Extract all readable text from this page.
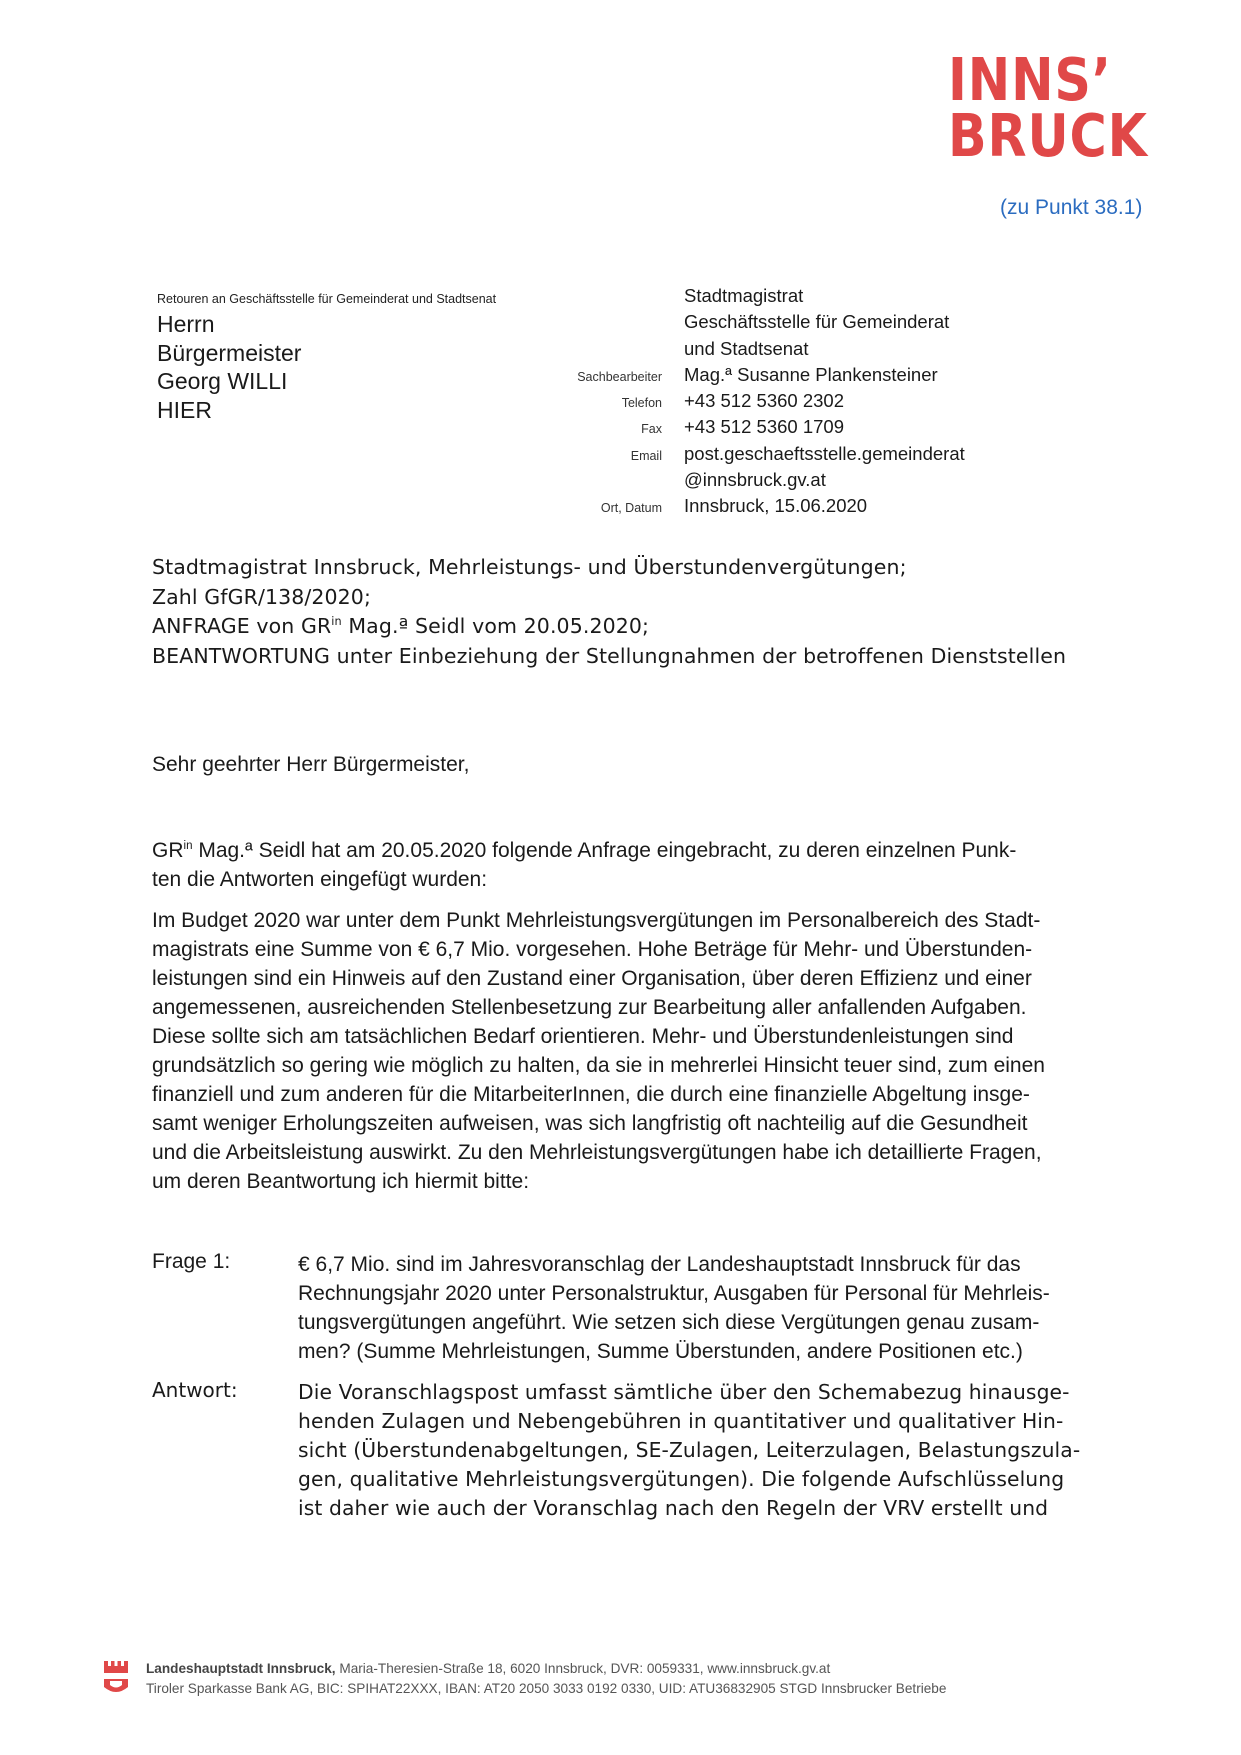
INNS’
BRUCK
(zu Punkt 38.1)
Retouren an Geschäftsstelle für Gemeinderat und Stadtsenat
Herrn
Bürgermeister
Georg WILLI
HIER
Stadtmagistrat
Geschäftsstelle für Gemeinderat
und Stadtsenat
Sachbearbeiter	Mag.ª Susanne Plankensteiner
Telefon	+43 512 5360 2302
Fax	+43 512 5360 1709
Email	post.geschaeftsstelle.gemeinderat
@innsbruck.gv.at
Ort, Datum	Innsbruck, 15.06.2020
Stadtmagistrat Innsbruck, Mehrleistungs- und Überstundenvergütungen;
Zahl GfGR/138/2020;
ANFRAGE von $GR^{in}$ Mag.ª Seidl vom 20.05.2020;
BEANTWORTUNG unter Einbeziehung der Stellungnahmen der betroffenen Dienststellen
Sehr geehrter Herr Bürgermeister,
$GR^{in}$ Mag.ª Seidl hat am 20.05.2020 folgende Anfrage eingebracht, zu deren einzelnen Punk-
ten die Antworten eingefügt wurden:
Im Budget 2020 war unter dem Punkt Mehrleistungsvergütungen im Personalbereich des Stadt-
magistrats eine Summe von € 6,7 Mio. vorgesehen. Hohe Beträge für Mehr- und Überstunden-
leistungen sind ein Hinweis auf den Zustand einer Organisation, über deren Effizienz und einer
angemessenen, ausreichenden Stellenbesetzung zur Bearbeitung aller anfallenden Aufgaben.
Diese sollte sich am tatsächlichen Bedarf orientieren. Mehr- und Überstundenleistungen sind
grundsätzlich so gering wie möglich zu halten, da sie in mehrerlei Hinsicht teuer sind, zum einen
finanziell und zum anderen für die MitarbeiterInnen, die durch eine finanzielle Abgeltung insge-
samt weniger Erholungszeiten aufweisen, was sich langfristig oft nachteilig auf die Gesundheit
und die Arbeitsleistung auswirkt. Zu den Mehrleistungsvergütungen habe ich detaillierte Fragen,
um deren Beantwortung ich hiermit bitte:
Frage 1:	€ 6,7 Mio. sind im Jahresvoranschlag der Landeshauptstadt Innsbruck für das
Rechnungsjahr 2020 unter Personalstruktur, Ausgaben für Personal für Mehrleis-
tungsvergütungen angeführt. Wie setzen sich diese Vergütungen genau zusam-
men? (Summe Mehrleistungen, Summe Überstunden, andere Positionen etc.)
Antwort:	Die Voranschlagspost umfasst sämtliche über den Schemabezug hinausge-
henden Zulagen und Nebengebühren in quantitativer und qualitativer Hin-
sicht (Überstundenabgeltungen, SE-Zulagen, Leiterzulagen, Belastungszula-
gen, qualitative Mehrleistungsvergütungen). Die folgende Aufschlüsselung
ist daher wie auch der Voranschlag nach den Regeln der VRV erstellt und
Landeshauptstadt Innsbruck, Maria-Theresien-Straße 18, 6020 Innsbruck, DVR: 0059331, www.innsbruck.gv.at
Tiroler Sparkasse Bank AG, BIC: SPIHAT22XXX, IBAN: AT20 2050 3033 0192 0330, UID: ATU36832905 STGD Innsbrucker Betriebe
